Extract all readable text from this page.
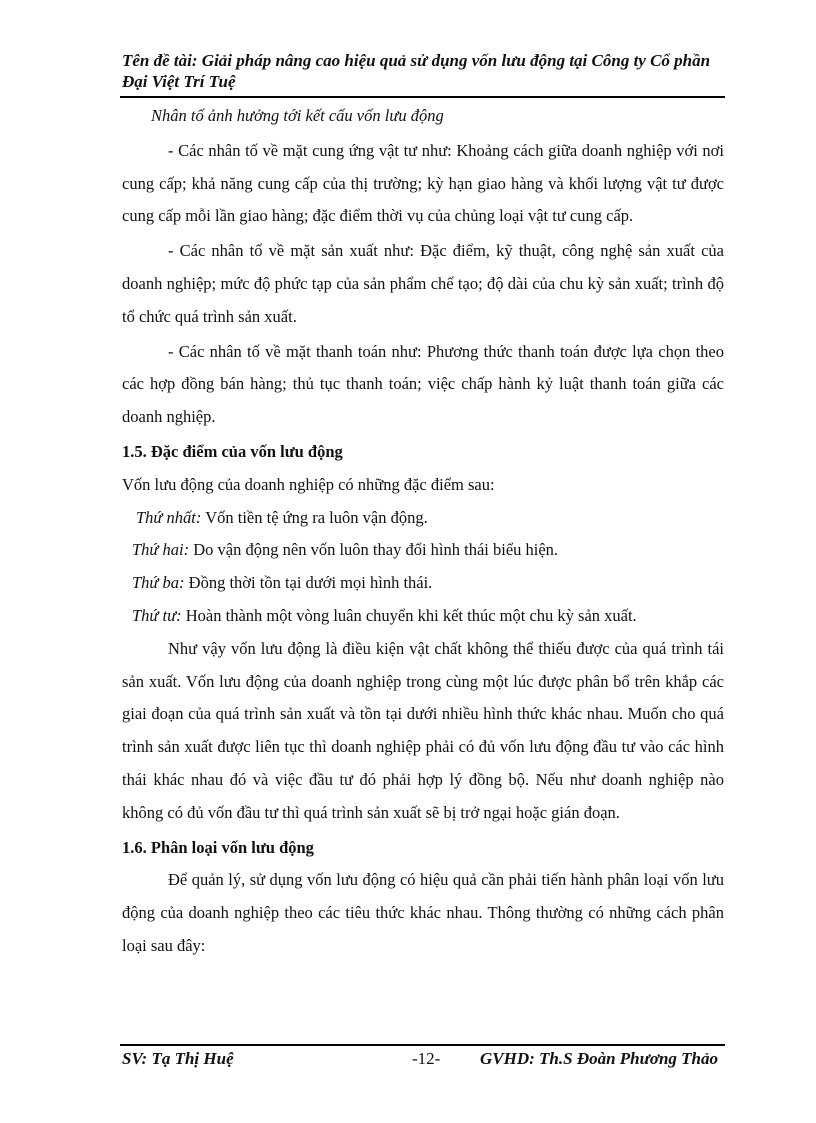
Tên đề tài: Giải pháp nâng cao hiệu quả sử dụng vốn lưu động tại Công ty Cổ phần Đại Việt Trí Tuệ

Nhân tố ảnh hưởng tới kết cấu vốn lưu động

- Các nhân tố về mặt cung ứng vật tư như: Khoảng cách giữa doanh nghiệp với nơi cung cấp; khả năng cung cấp của thị trường; kỳ hạn giao hàng và khối lượng vật tư được cung cấp mỗi lần giao hàng; đặc điểm thời vụ của chủng loại vật tư cung cấp.

- Các nhân tố về mặt sản xuất như: Đặc điểm, kỹ thuật, công nghệ sản xuất của doanh nghiệp; mức độ phức tạp của sản phẩm chế tạo; độ dài của chu kỳ sản xuất; trình độ tổ chức quá trình sản xuất.

- Các nhân tố về mặt thanh toán như: Phương thức thanh toán được lựa chọn theo các hợp đồng bán hàng; thủ tục thanh toán; việc chấp hành kỷ luật thanh toán giữa các doanh nghiệp.

1.5. Đặc điểm của vốn lưu động

Vốn lưu động của doanh nghiệp có những đặc điểm sau:

Thứ nhất: Vốn tiền tệ ứng ra luôn vận động.

Thứ hai: Do vận động nên vốn luôn thay đổi hình thái biểu hiện.

Thứ ba: Đồng thời tồn tại dưới mọi hình thái.

Thứ tư: Hoàn thành một vòng luân chuyển khi kết thúc một chu kỳ sản xuất.

Như vậy vốn lưu động là điều kiện vật chất không thể thiếu được của quá trình tái sản xuất. Vốn lưu động của doanh nghiệp trong cùng một lúc được phân bổ trên khắp các giai đoạn của quá trình sản xuất và tồn tại dưới nhiều hình thức khác nhau. Muốn cho quá trình sản xuất được liên tục thì doanh nghiệp phải có đủ vốn lưu động đầu tư vào các hình thái khác nhau đó và việc đầu tư đó phải hợp lý đồng bộ. Nếu như doanh nghiệp nào không có đủ vốn đầu tư thì quá trình sản xuất sẽ bị trở ngại hoặc gián đoạn.

1.6. Phân loại vốn lưu động

Để quản lý, sử dụng vốn lưu động có hiệu quả cần phải tiến hành phân loại vốn lưu động của doanh nghiệp theo các tiêu thức khác nhau. Thông thường có những cách phân loại sau đây:

SV: Tạ Thị Huệ	-12- GVHD: Th.S Đoàn Phương Thảo
